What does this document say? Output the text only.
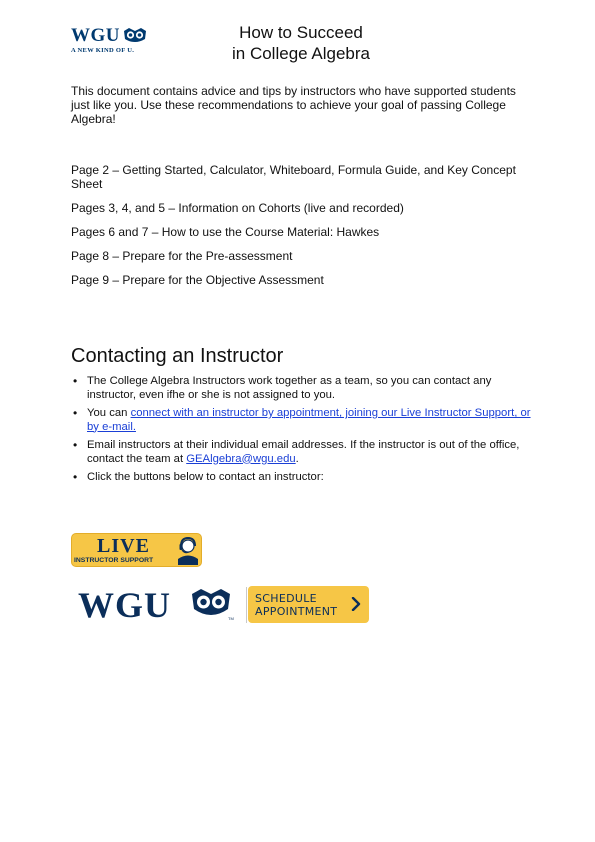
WGU
A NEW KIND OF U.
How to Succeed
in College Algebra
This document contains advice and tips by instructors who have supported students just like you. Use these recommendations to achieve your goal of passing College Algebra!
Page 2 – Getting Started, Calculator, Whiteboard, Formula Guide, and Key Concept Sheet
Pages 3, 4, and 5 – Information on Cohorts (live and recorded)
Pages 6 and 7 – How to use the Course Material: Hawkes
Page 8 – Prepare for the Pre-assessment
Page 9 – Prepare for the Objective Assessment
Contacting an Instructor
• The College Algebra Instructors work together as a team, so you can contact any instructor, even ifhe or she is not assigned to you.
• You can connect with an instructor by appointment, joining our Live Instructor Support, or by e-mail.
• Email instructors at their individual email addresses. If the instructor is out of the office, contact the team at GEAlgebra@wgu.edu.
• Click the buttons below to contact an instructor:
LIVE
INSTRUCTOR SUPPORT
WGU	TM
SCHEDULE
APPOINTMENT
